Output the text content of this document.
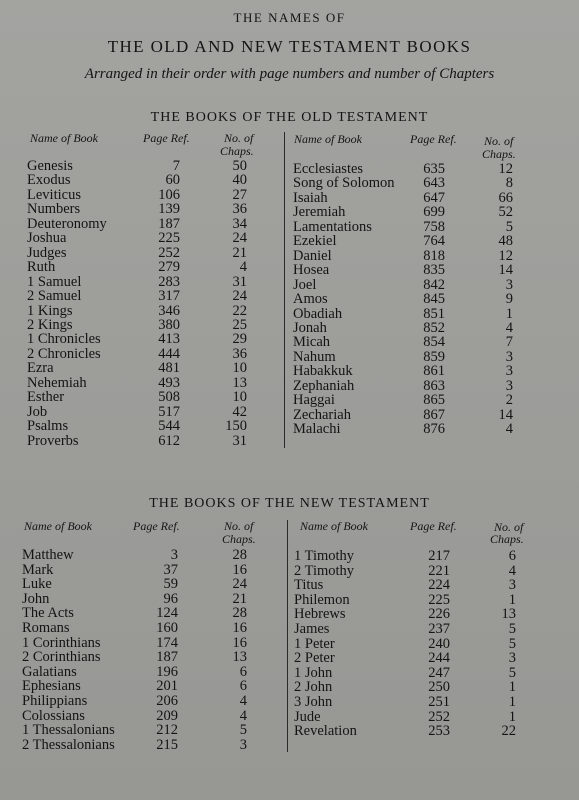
THE NAMES OF
THE OLD AND NEW TESTAMENT BOOKS
Arranged in their order with page numbers and number of Chapters
THE BOOKS OF THE OLD TESTAMENT
Name of Book	Page Ref.	No. of
Chaps.
Name of Book	Page Ref. No. of
Chaps.
Genesis	7	50
Exodus	60	40
Leviticus	106	27
Numbers	139	36
Deuteronomy	187	34
Joshua	225	24
Judges	252	21
Ruth	279	4
1 Samuel	283	31
2 Samuel	317	24
1 Kings	346	22
2 Kings	380	25
1 Chronicles	413	29
2 Chronicles	444	36
Ezra	481	10
Nehemiah	493	13
Esther	508	10
Job	517	42
Psalms	544	150
Proverbs	612	31
Ecclesiastes	635	12
Song of Solomon	643	8
Isaiah	647	66
Jeremiah	699	52
Lamentations	758	5
Ezekiel	764	48
Daniel	818	12
Hosea	835	14
Joel	842	3
Amos	845	9
Obadiah	851	1
Jonah	852	4
Micah	854	7
Nahum	859	3
Habakkuk	861	3
Zephaniah	863	3
Haggai	865	2
Zechariah	867	14
Malachi	876	4
THE BOOKS OF THE NEW TESTAMENT
Name of Book	Page Ref.	No. of
Chaps.
Name of Book	Page Ref.	No. of
Chaps.
Matthew	3	28
Mark	37	16
Luke	59	24
John	96	21
The Acts	124	28
Romans	160	16
1 Corinthians	174	16
2 Corinthians	187	13
Galatians	196	6
Ephesians	201	6
Philippians	206	4
Colossians	209	4
1 Thessalonians	212	5
2 Thessalonians	215	3
1 Timothy	217	6
2 Timothy	221	4
Titus	224	3
Philemon	225	1
Hebrews	226	13
James	237	5
1 Peter	240	5
2 Peter	244	3
1 John	247	5
2 John	250	1
3 John	251	1
Jude	252	1
Revelation	253	22
